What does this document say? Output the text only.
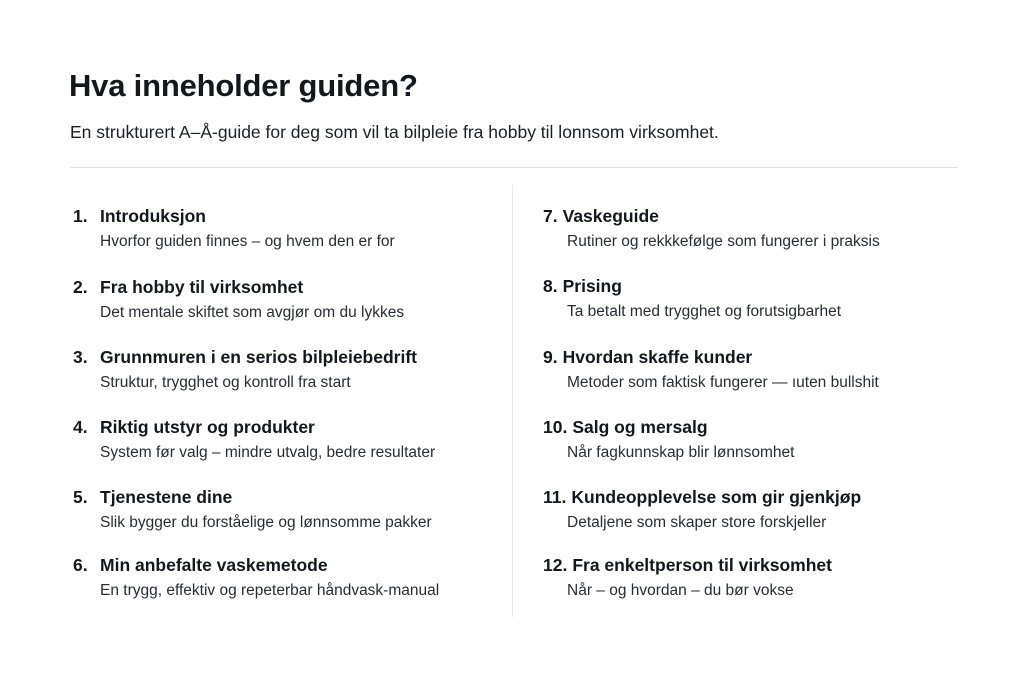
Hva inneholder guiden?

En strukturert A–Å-guide for deg som vil ta bilpleie fra hobby til lonnsom virksomhet.

1. Introduksjon
Hvorfor guiden finnes – og hvem den er for
2. Fra hobby til virksomhet
Det mentale skiftet som avgjør om du lykkes
3. Grunnmuren i en serios bilpleiebedrift
Struktur, trygghet og kontroll fra start
4. Riktig utstyr og produkter
System før valg – mindre utvalg, bedre resultater
5. Tjenestene dine
Slik bygger du forståelige og lønnsomme pakker
6. Min anbefalte vaskemetode
En trygg, effektiv og repeterbar håndvask-manual
7. Vaskeguide
Rutiner og rekkkefølge som fungerer i praksis
8. Prising
Ta betalt med trygghet og forutsigbarhet
9. Hvordan skaffe kunder
Metoder som faktisk fungerer — ıuten bullshit
10. Salg og mersalg
Når fagkunnskap blir lønnsomhet
11. Kundeopplevelse som gir gjenkjøp
Detaljene som skaper store forskjeller
12. Fra enkeltperson til virksomhet
Når – og hvordan – du bør vokse
